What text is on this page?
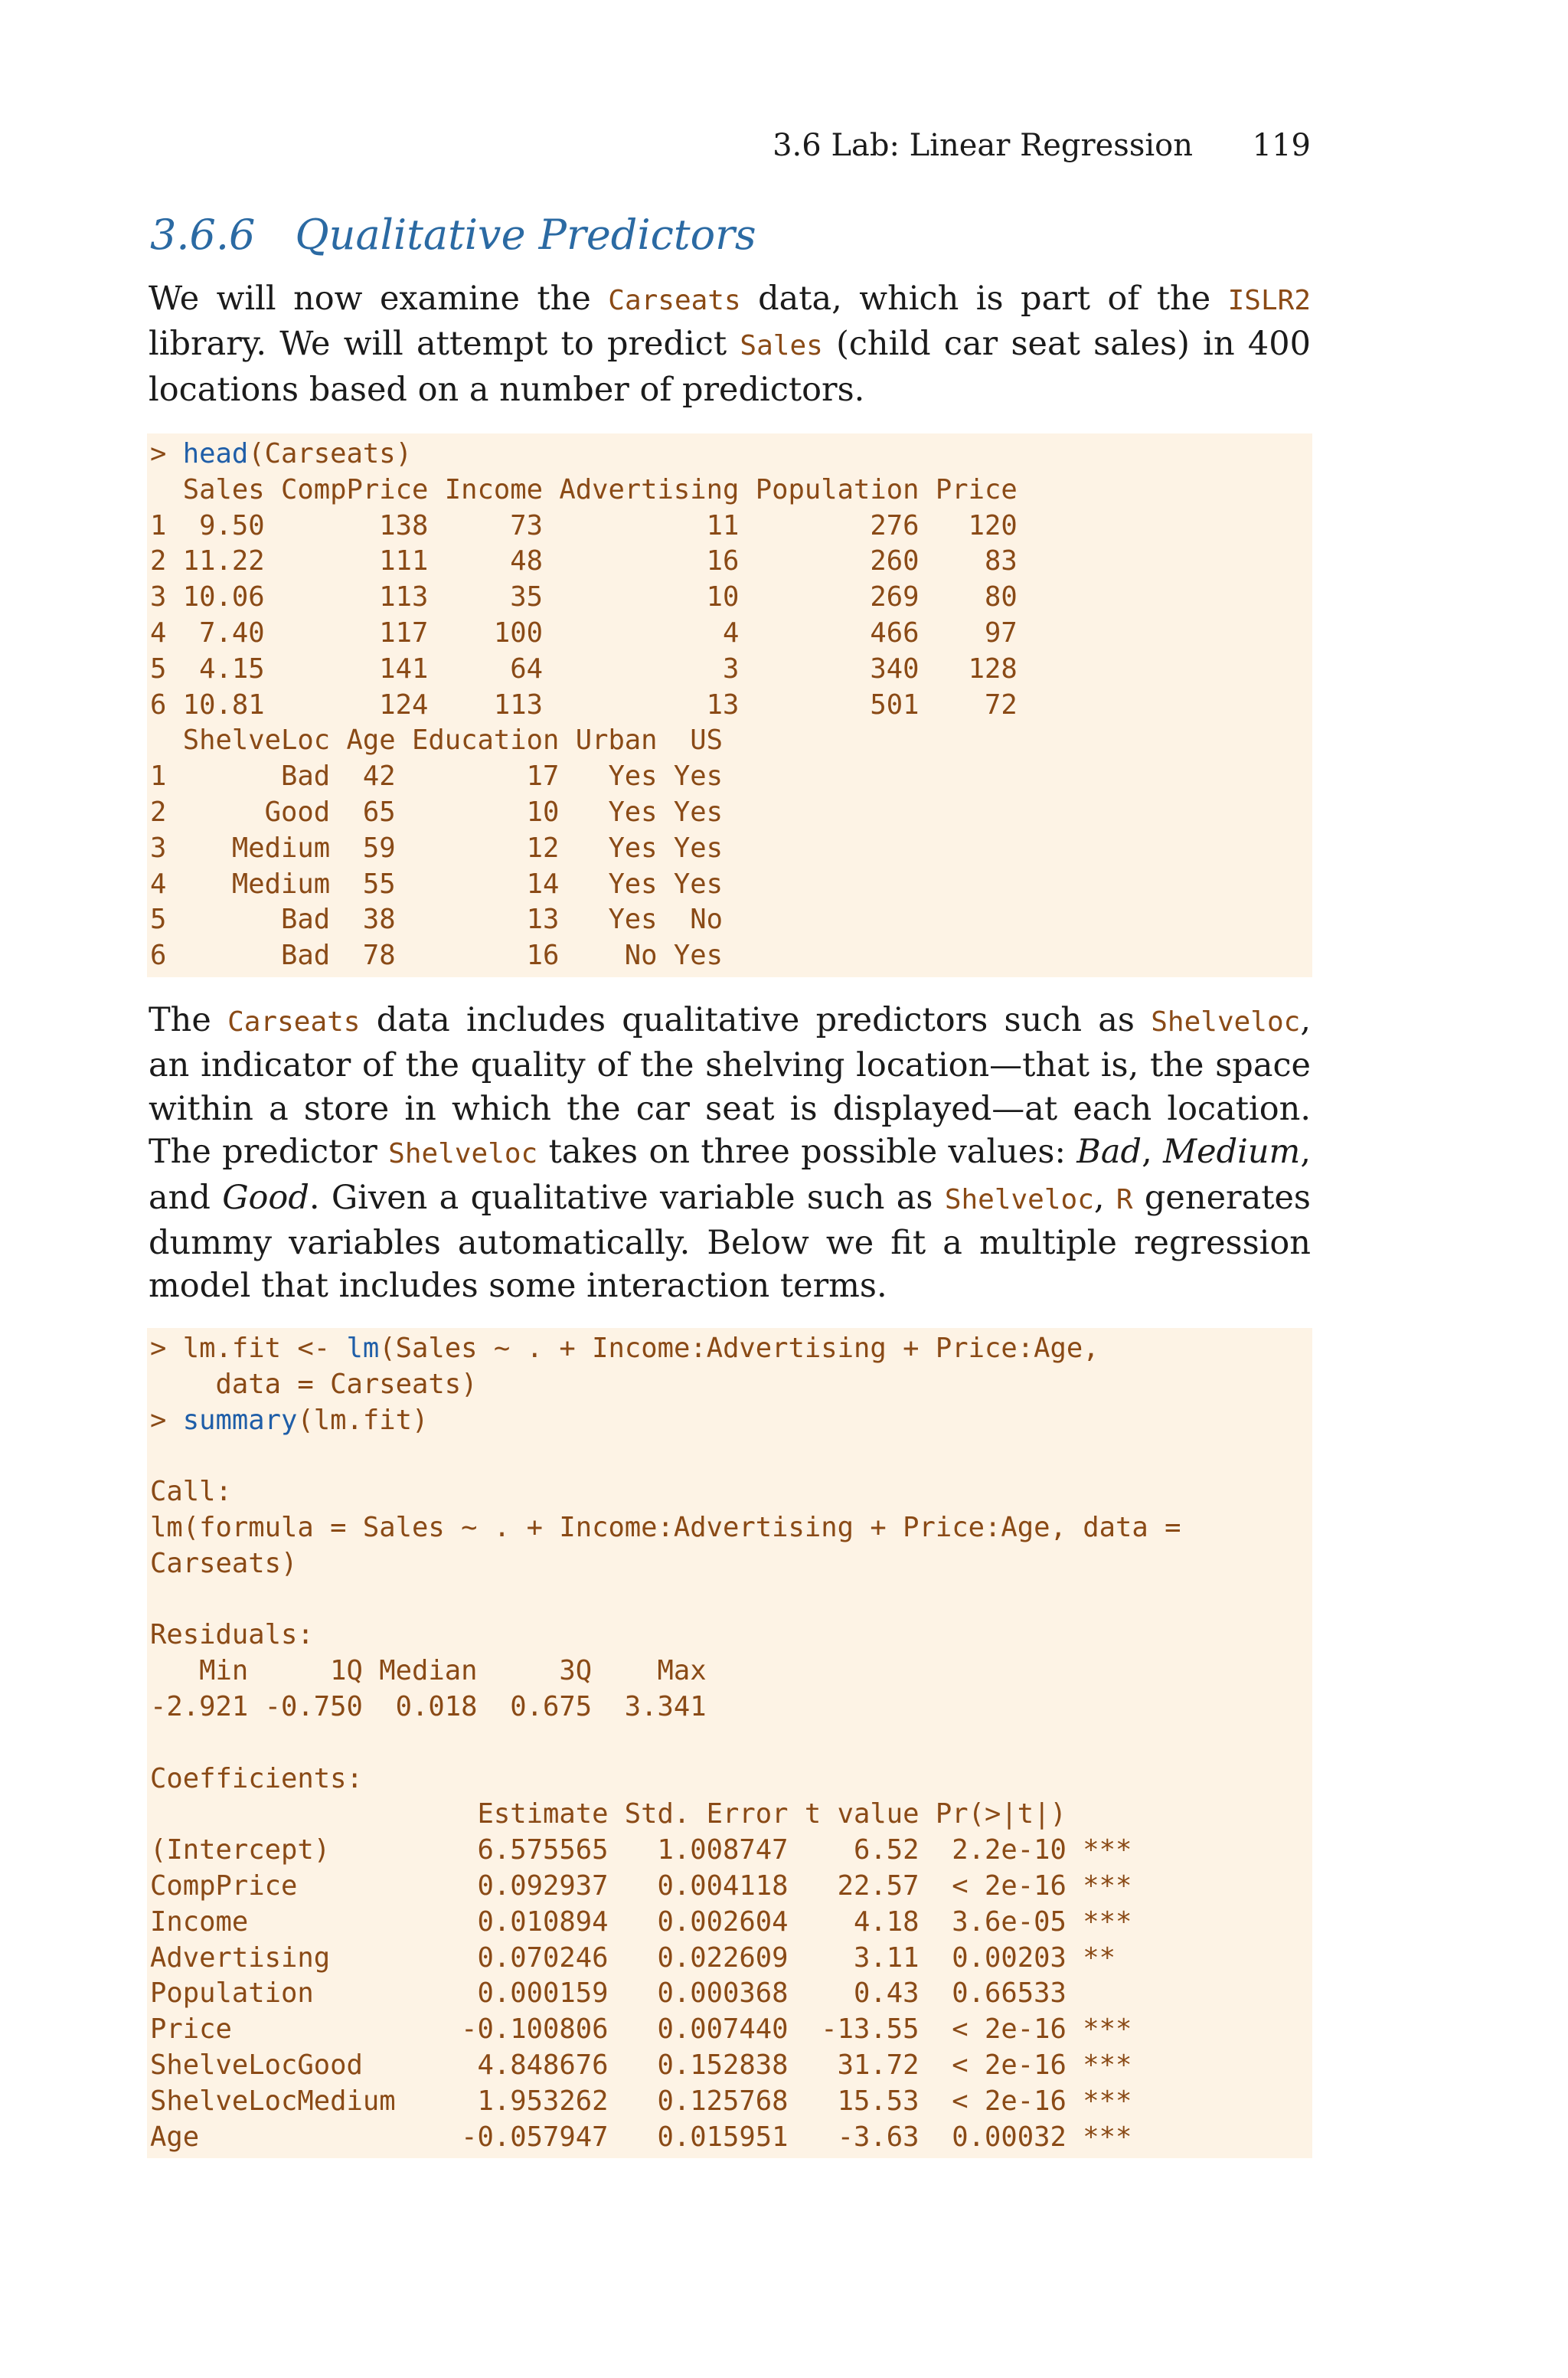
3.6 Lab: Linear Regression 119
3.6.6 Qualitative Predictors

We will now examine the Carseats data, which is part of the ISLR2 library. We will attempt to predict Sales (child car seat sales) in 400 locations based on a number of predictors.

> head(Carseats)
Sales CompPrice Income Advertising Population Price
1  9.50       138     73          11        276   120
2 11.22       111     48          16        260    83
3 10.06       113     35          10        269    80
4  7.40       117    100           4        466    97
5  4.15       141     64           3        340   128
6 10.81       124    113          13        501    72
ShelveLoc Age Education Urban  US
1       Bad  42        17   Yes Yes
2      Good  65        10   Yes Yes
3    Medium  59        12   Yes Yes
4    Medium  55        14   Yes Yes
5       Bad  38        13   Yes  No
6       Bad  78        16    No Yes

The Carseats data includes qualitative predictors such as Shelveloc, an indicator of the quality of the shelving location—that is, the space within a store in which the car seat is displayed—at each location. The predictor Shelveloc takes on three possible values: Bad, Medium, and Good. Given a qualitative variable such as Shelveloc, R generates dummy variables automatically. Below we fit a multiple regression model that includes some interaction terms.

> lm.fit <- lm(Sales ~ . + Income:Advertising + Price:Age,
data = Carseats)
> summary(lm.fit)

Call:
lm(formula = Sales ~ . + Income:Advertising + Price:Age, data =
Carseats)

Residuals:
Min     1Q Median     3Q    Max
-2.921 -0.750  0.018  0.675  3.341

Coefficients:
Estimate Std. Error t value Pr(>|t|)
(Intercept)         6.575565   1.008747    6.52  2.2e-10 ***
CompPrice           0.092937   0.004118   22.57  < 2e-16 ***
Income              0.010894   0.002604    4.18  3.6e-05 ***
Advertising         0.070246   0.022609    3.11  0.00203 **
Population          0.000159   0.000368    0.43  0.66533
Price              -0.100806   0.007440  -13.55  < 2e-16 ***
ShelveLocGood       4.848676   0.152838   31.72  < 2e-16 ***
ShelveLocMedium     1.953262   0.125768   15.53  < 2e-16 ***
Age                -0.057947   0.015951   -3.63  0.00032 ***
